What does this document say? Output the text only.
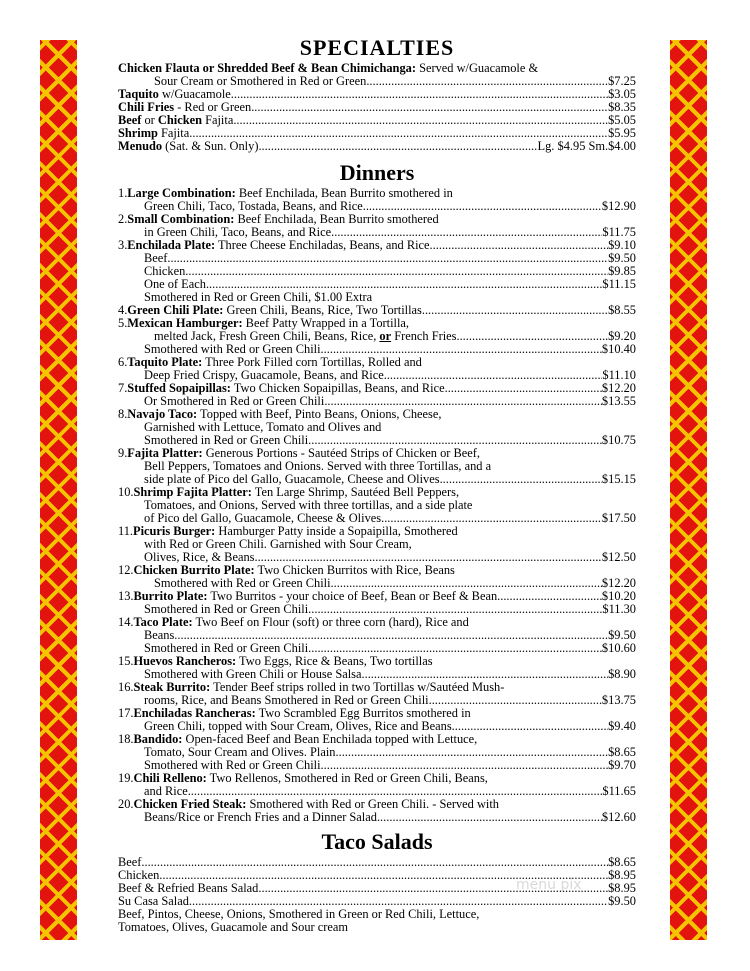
SPECIALTIES
Chicken Flauta or Shredded Beef & Bean Chimichanga: Served w/Guacamole &
Sour Cream or Smothered in Red or Green .....	$7.25
Taquito w/Guacamole .....	$3.05
Chili Fries - Red or Green .....	$8.35
Beef or Chicken Fajita .....	$5.05
Shrimp Fajita .....	$5.95
Menudo (Sat. & Sun. Only) .....	Lg. $4.95 Sm.$4.00
Dinners
1.Large Combination: Beef Enchilada, Bean Burrito smothered in
Green Chili, Taco, Tostada, Beans, and Rice .....	$12.90
2.Small Combination: Beef Enchilada, Bean Burrito smothered
in Green Chili, Taco, Beans, and Rice .....	$11.75
3.Enchilada Plate: Three Cheese Enchiladas, Beans, and Rice .....	$9.10
Beef .....	$9.50
Chicken .....	$9.85
One of Each .....	$11.15
Smothered in Red or Green Chili, $1.00 Extra
4.Green Chili Plate: Green Chili, Beans, Rice, Two Tortillas .....	$8.55
5.Mexican Hamburger: Beef Patty Wrapped in a Tortilla,
melted Jack, Fresh Green Chili, Beans, Rice, or French Fries .....	$9.20
Smothered with Red or Green Chili .....	$10.40
6.Taquito Plate: Three Pork Filled corn Tortillas, Rolled and
Deep Fried Crispy, Guacamole, Beans, and Rice .....	$11.10
7.Stuffed Sopaipillas: Two Chicken Sopaipillas, Beans, and Rice .....	$12.20
Or Smothered in Red or Green Chili .....	$13.55
8.Navajo Taco: Topped with Beef, Pinto Beans, Onions, Cheese,
Garnished with Lettuce, Tomato and Olives and
Smothered in Red or Green Chili .....	$10.75
9.Fajita Platter: Generous Portions - Sautéed Strips of Chicken or Beef,
Bell Peppers, Tomatoes and Onions. Served with three Tortillas, and a
side plate of Pico del Gallo, Guacamole, Cheese and Olives .....	$15.15
10.Shrimp Fajita Platter: Ten Large Shrimp, Sautéed Bell Peppers,
Tomatoes, and Onions, Served with three tortillas, and a side plate
of Pico del Gallo, Guacamole, Cheese & Olives .....	$17.50
11.Picuris Burger: Hamburger Patty inside a Sopaipilla, Smothered
with Red or Green Chili. Garnished with Sour Cream,
Olives, Rice, & Beans .....	$12.50
12.Chicken Burrito Plate: Two Chicken Burritos with Rice, Beans
Smothered with Red or Green Chili .....	$12.20
13.Burrito Plate: Two Burritos - your choice of Beef, Bean or Beef & Bean .....	$10.20
Smothered in Red or Green Chili .....	$11.30
14.Taco Plate: Two Beef on Flour (soft) or three corn (hard), Rice and
Beans .....	$9.50
Smothered in Red or Green Chili .....	$10.60
15.Huevos Rancheros: Two Eggs, Rice & Beans, Two tortillas
Smothered with Green Chili or House Salsa .....	$8.90
16.Steak Burrito: Tender Beef strips rolled in two Tortillas w/Sautéed Mush-
rooms, Rice, and Beans Smothered in Red or Green Chili .....	$13.75
17.Enchiladas Rancheras: Two Scrambled Egg Burritos smothered in
Green Chili, topped with Sour Cream, Olives, Rice and Beans .....	$9.40
18.Bandido: Open-faced Beef and Bean Enchilada topped with Lettuce,
Tomato, Sour Cream and Olives. Plain .....	$8.65
Smothered with Red or Green Chili .....	$9.70
19.Chili Relleno: Two Rellenos, Smothered in Red or Green Chili, Beans,
and Rice .....	$11.65
20.Chicken Fried Steak: Smothered with Red or Green Chili. - Served with
Beans/Rice or French Fries and a Dinner Salad .....	$12.60
Taco Salads
Beef .....	$8.65
Chicken .....	$8.95
Beef & Refried Beans Salad .....	$8.95
Su Casa Salad .....	$9.50
Beef, Pintos, Cheese, Onions, Smothered in Green or Red Chili, Lettuce,
Tomatoes, Olives, Guacamole and Sour cream
menu pix
